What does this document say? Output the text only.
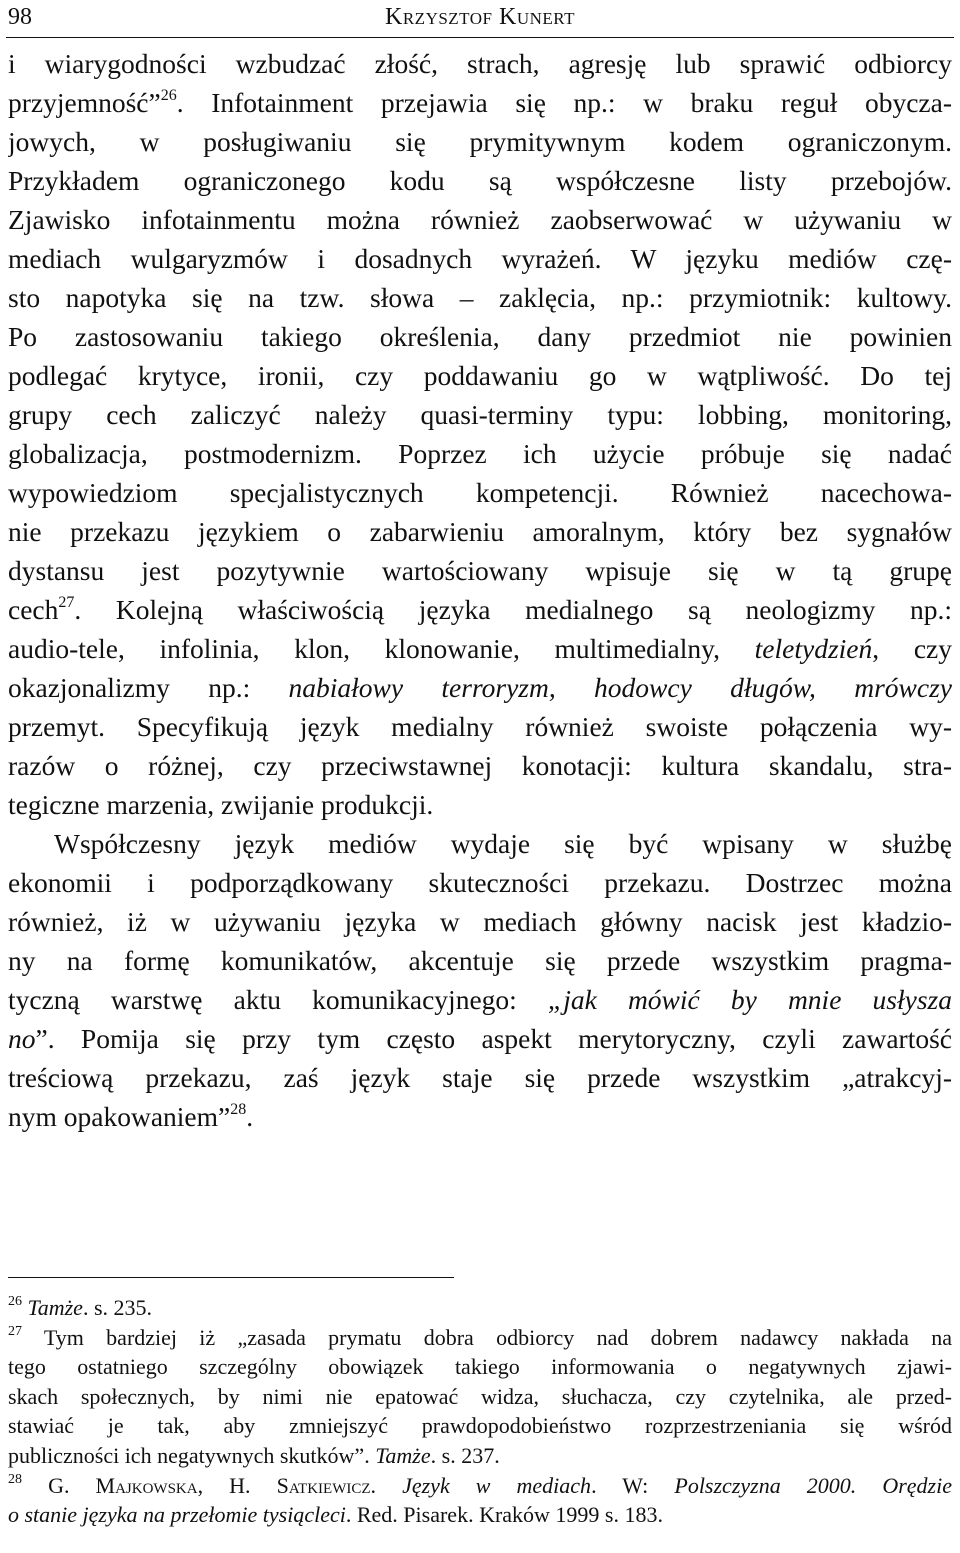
98	Krzysztof Kunert
i wiarygodności wzbudzać złość, strach, agresję lub sprawić odbiorcy
przyjemność”$^{26}$. Infotainment przejawia się np.: w braku reguł obycza-
jowych, w posługiwaniu się prymitywnym kodem ograniczonym.
Przykładem ograniczonego kodu są współczesne listy przebojów.
Zjawisko infotainmentu można również zaobserwować w używaniu w
mediach wulgaryzmów i dosadnych wyrażeń. W języku mediów czę-
sto napotyka się na tzw. słowa – zaklęcia, np.: przymiotnik: kultowy.
Po zastosowaniu takiego określenia, dany przedmiot nie powinien
podlegać krytyce, ironii, czy poddawaniu go w wątpliwość. Do tej
grupy cech zaliczyć należy quasi-terminy typu: lobbing, monitoring,
globalizacja, postmodernizm. Poprzez ich użycie próbuje się nadać
wypowiedziom specjalistycznych kompetencji. Również nacechowa-
nie przekazu językiem o zabarwieniu amoralnym, który bez sygnałów
dystansu jest pozytywnie wartościowany wpisuje się w tą grupę
cech$^{27}$. Kolejną właściwością języka medialnego są neologizmy np.:
audio-tele, infolinia, klon, klonowanie, multimedialny, teletydzień, czy
okazjonalizmy np.: nabiałowy terroryzm, hodowcy długów, mrówczy
przemyt. Specyfikują język medialny również swoiste połączenia wy-
razów o różnej, czy przeciwstawnej konotacji: kultura skandalu, stra-
tegiczne marzenia, zwijanie produkcji.
Współczesny język mediów wydaje się być wpisany w służbę
ekonomii i podporządkowany skuteczności przekazu. Dostrzec można
również, iż w używaniu języka w mediach główny nacisk jest kładzio-
ny na formę komunikatów, akcentuje się przede wszystkim pragma-
tyczną warstwę aktu komunikacyjnego: „jak mówić by mnie usłysza
no”. Pomija się przy tym często aspekt merytoryczny, czyli zawartość
treściową przekazu, zaś język staje się przede wszystkim „atrakcyj-
nym opakowaniem”$^{28}$.
$^{26}$ Tamże. s. 235.
$^{27}$ Tym bardziej iż „zasada prymatu dobra odbiorcy nad dobrem nadawcy nakłada na
tego ostatniego szczególny obowiązek takiego informowania o negatywnych zjawi-
skach społecznych, by nimi nie epatować widza, słuchacza, czy czytelnika, ale przed-
stawiać je tak, aby zmniejszyć prawdopodobieństwo rozprzestrzeniania się wśród
publiczności ich negatywnych skutków”. Tamże. s. 237.
$^{28}$ G. Majkowska, H. Satkiewicz. Język w mediach. W: Polszczyzna 2000. Orędzie
o stanie języka na przełomie tysiącleci. Red. Pisarek. Kraków 1999 s. 183.
